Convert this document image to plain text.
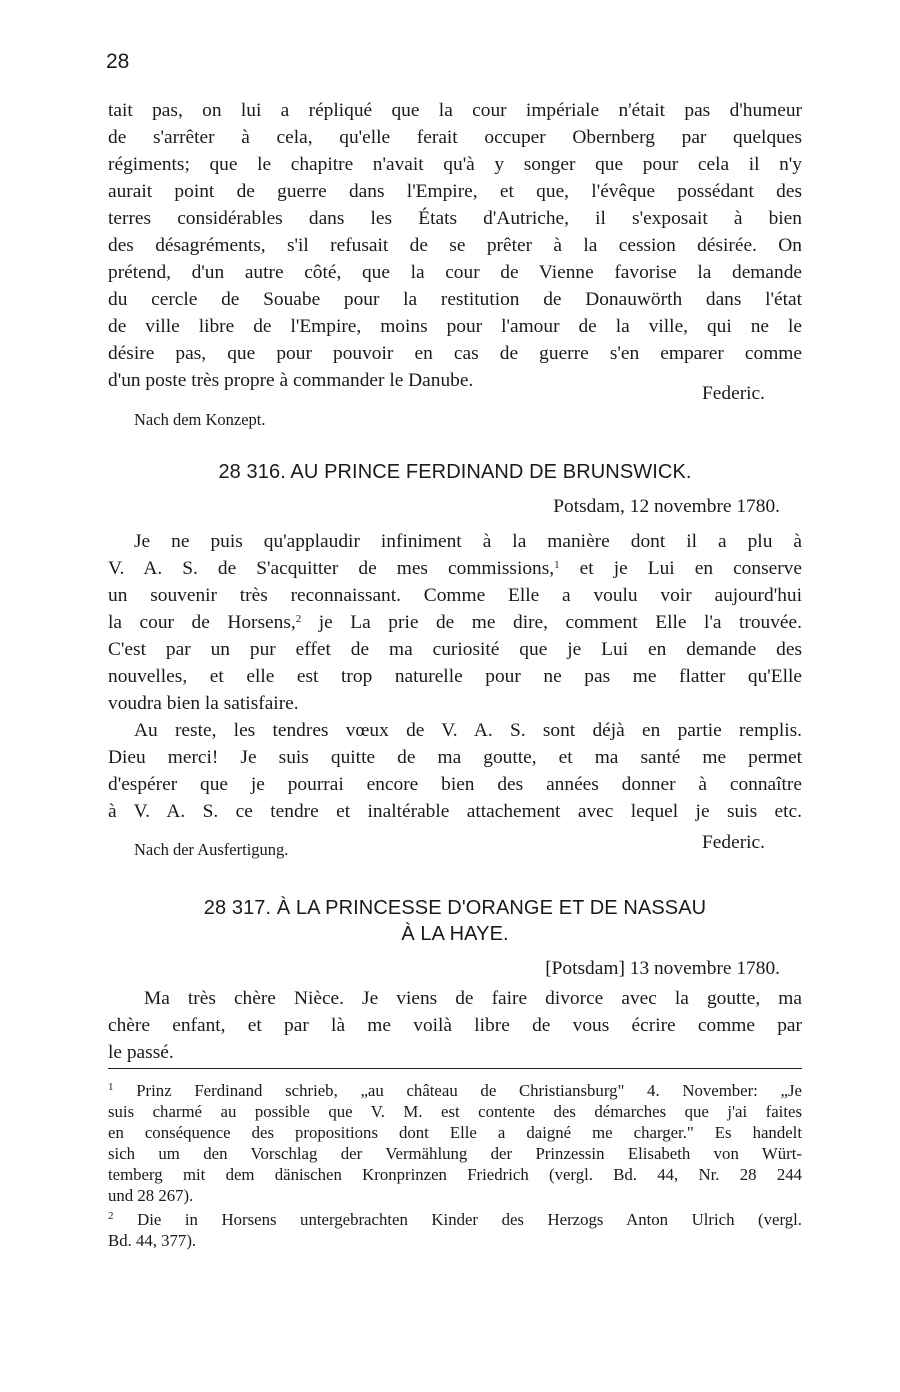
28

tait pas, on lui a répliqué que la cour impériale n'était pas d'humeur
de s'arrêter à cela, qu'elle ferait occuper Obernberg par quelques
régiments; que le chapitre n'avait qu'à y songer que pour cela il n'y
aurait point de guerre dans l'Empire, et que, l'évêque possédant des
terres considérables dans les États d'Autriche, il s'exposait à bien
des désagréments, s'il refusait de se prêter à la cession désirée. On
prétend, d'un autre côté, que la cour de Vienne favorise la demande
du cercle de Souabe pour la restitution de Donauwörth dans l'état
de ville libre de l'Empire, moins pour l'amour de la ville, qui ne le
désire pas, que pour pouvoir en cas de guerre s'en emparer comme
d'un poste très propre à commander le Danube.

Federic.
Nach dem Konzept.
28 316. AU PRINCE FERDINAND DE BRUNSWICK.
Potsdam, 12 novembre 1780.

Je ne puis qu'applaudir infiniment à la manière dont il a plu à
V. A. S. de S'acquitter de mes commissions,$^1$ et je Lui en conserve
un souvenir très reconnaissant. Comme Elle a voulu voir aujourd'hui
la cour de Horsens,$^2$ je La prie de me dire, comment Elle l'a trouvée.
C'est par un pur effet de ma curiosité que je Lui en demande des
nouvelles, et elle est trop naturelle pour ne pas me flatter qu'Elle
voudra bien la satisfaire.

Au reste, les tendres vœux de V. A. S. sont déjà en partie remplis.
Dieu merci! Je suis quitte de ma goutte, et ma santé me permet
d'espérer que je pourrai encore bien des années donner à connaître
à V. A. S. ce tendre et inaltérable attachement avec lequel je suis etc.

Federic.
Nach der Ausfertigung.
28 317. À LA PRINCESSE D'ORANGE ET DE NASSAU
À LA HAYE.
[Potsdam] 13 novembre 1780.

Ma très chère Nièce. Je viens de faire divorce avec la goutte, ma
chère enfant, et par là me voilà libre de vous écrire comme par
le passé.

$^1$ Prinz Ferdinand schrieb, „au château de Christiansburg" 4. November: „Je
suis charmé au possible que V. M. est contente des démarches que j'ai faites
en conséquence des propositions dont Elle a daigné me charger." Es handelt
sich um den Vorschlag der Vermählung der Prinzessin Elisabeth von Würt-
temberg mit dem dänischen Kronprinzen Friedrich (vergl. Bd. 44, Nr. 28 244
und 28 267).
$^2$ Die in Horsens untergebrachten Kinder des Herzogs Anton Ulrich (vergl.
Bd. 44, 377).
